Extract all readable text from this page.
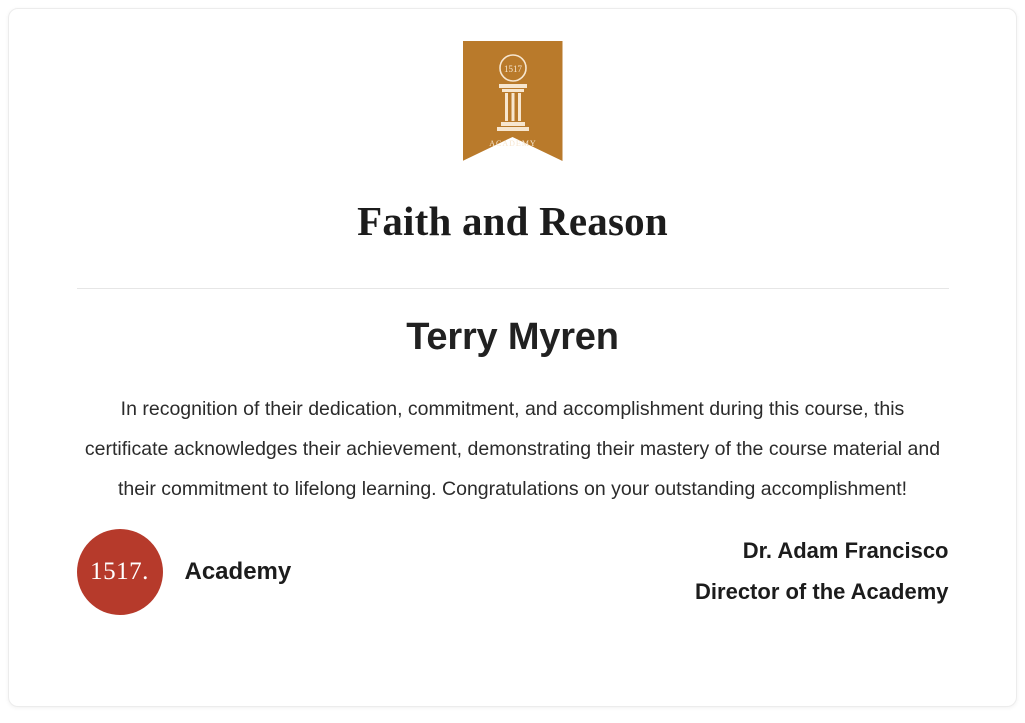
1517
ACADEMY
Faith and Reason
Terry Myren
In recognition of their dedication, commitment, and accomplishment during this course, this certificate acknowledges their achievement, demonstrating their mastery of the course material and their commitment to lifelong learning. Congratulations on your outstanding accomplishment!
1517.	Academy
Dr. Adam Francisco
Director of the Academy
